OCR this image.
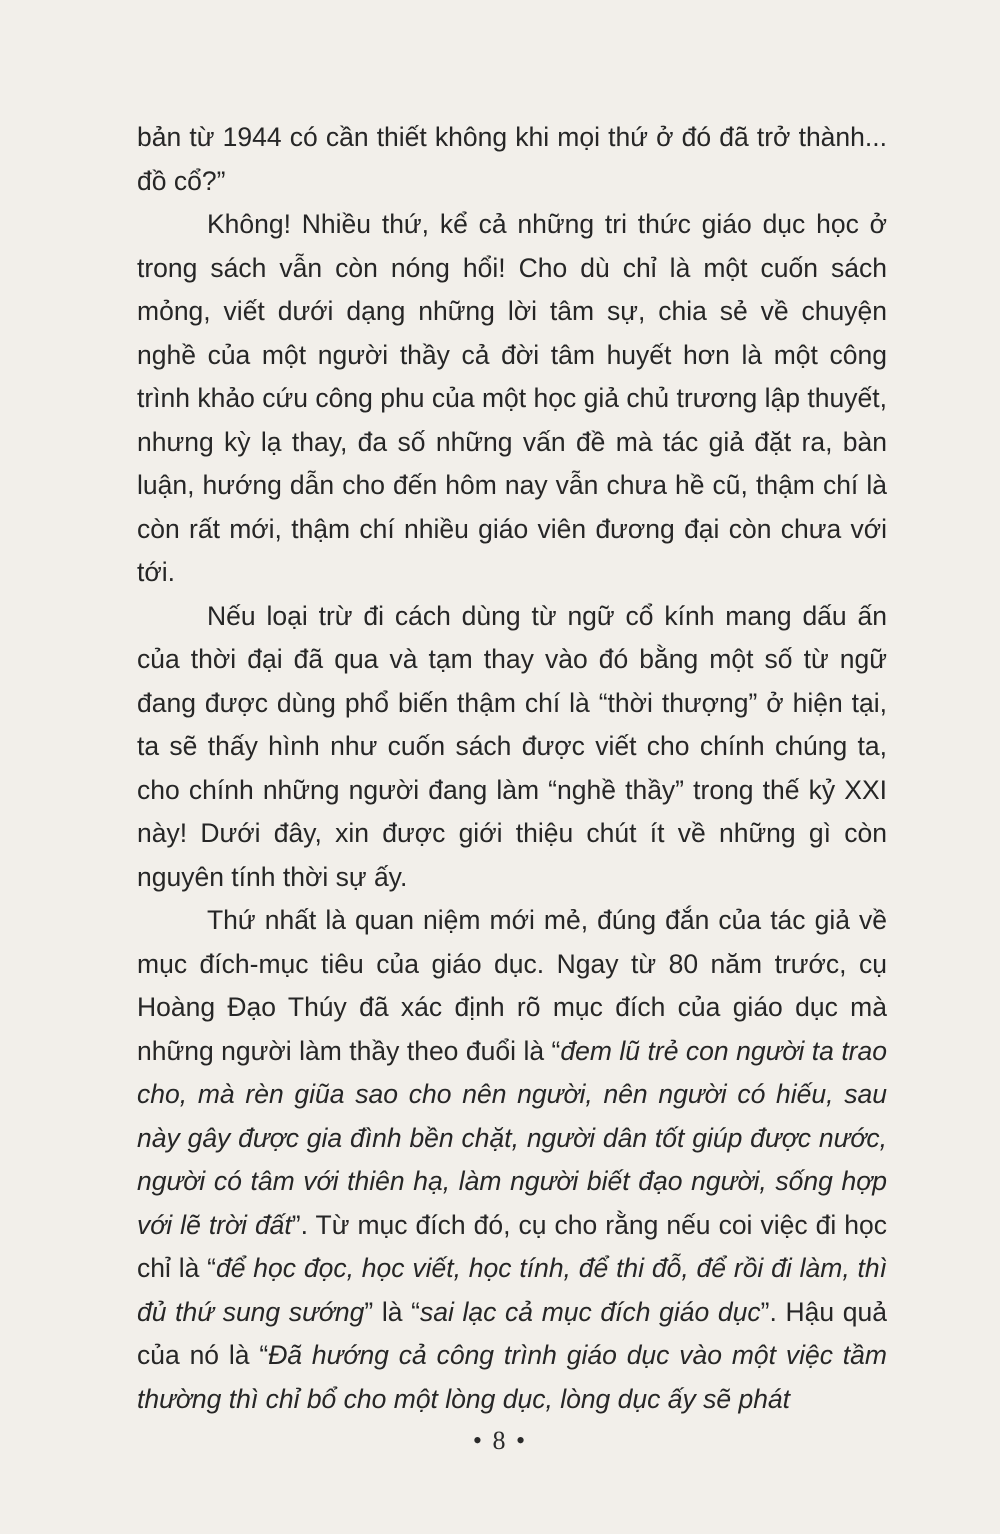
bản từ 1944 có cần thiết không khi mọi thứ ở đó đã trở thành... đồ cổ?”

Không! Nhiều thứ, kể cả những tri thức giáo dục học ở trong sách vẫn còn nóng hổi! Cho dù chỉ là một cuốn sách mỏng, viết dưới dạng những lời tâm sự, chia sẻ về chuyện nghề của một người thầy cả đời tâm huyết hơn là một công trình khảo cứu công phu của một học giả chủ trương lập thuyết, nhưng kỳ lạ thay, đa số những vấn đề mà tác giả đặt ra, bàn luận, hướng dẫn cho đến hôm nay vẫn chưa hề cũ, thậm chí là còn rất mới, thậm chí nhiều giáo viên đương đại còn chưa với tới.

Nếu loại trừ đi cách dùng từ ngữ cổ kính mang dấu ấn của thời đại đã qua và tạm thay vào đó bằng một số từ ngữ đang được dùng phổ biến thậm chí là “thời thượng” ở hiện tại, ta sẽ thấy hình như cuốn sách được viết cho chính chúng ta, cho chính những người đang làm “nghề thầy” trong thế kỷ XXI này! Dưới đây, xin được giới thiệu chút ít về những gì còn nguyên tính thời sự ấy.

Thứ nhất là quan niệm mới mẻ, đúng đắn của tác giả về mục đích-mục tiêu của giáo dục. Ngay từ 80 năm trước, cụ Hoàng Đạo Thúy đã xác định rõ mục đích của giáo dục mà những người làm thầy theo đuổi là “đem lũ trẻ con người ta trao cho, mà rèn giũa sao cho nên người, nên người có hiếu, sau này gây được gia đình bền chặt, người dân tốt giúp được nước, người có tâm với thiên hạ, làm người biết đạo người, sống hợp với lẽ trời đất”. Từ mục đích đó, cụ cho rằng nếu coi việc đi học chỉ là “để học đọc, học viết, học tính, để thi đỗ, để rồi đi làm, thì đủ thứ sung sướng” là “sai lạc cả mục đích giáo dục”. Hậu quả của nó là “Đã hướng cả công trình giáo dục vào một việc tầm thường thì chỉ bổ cho một lòng dục, lòng dục ấy sẽ phát

• 8 •
